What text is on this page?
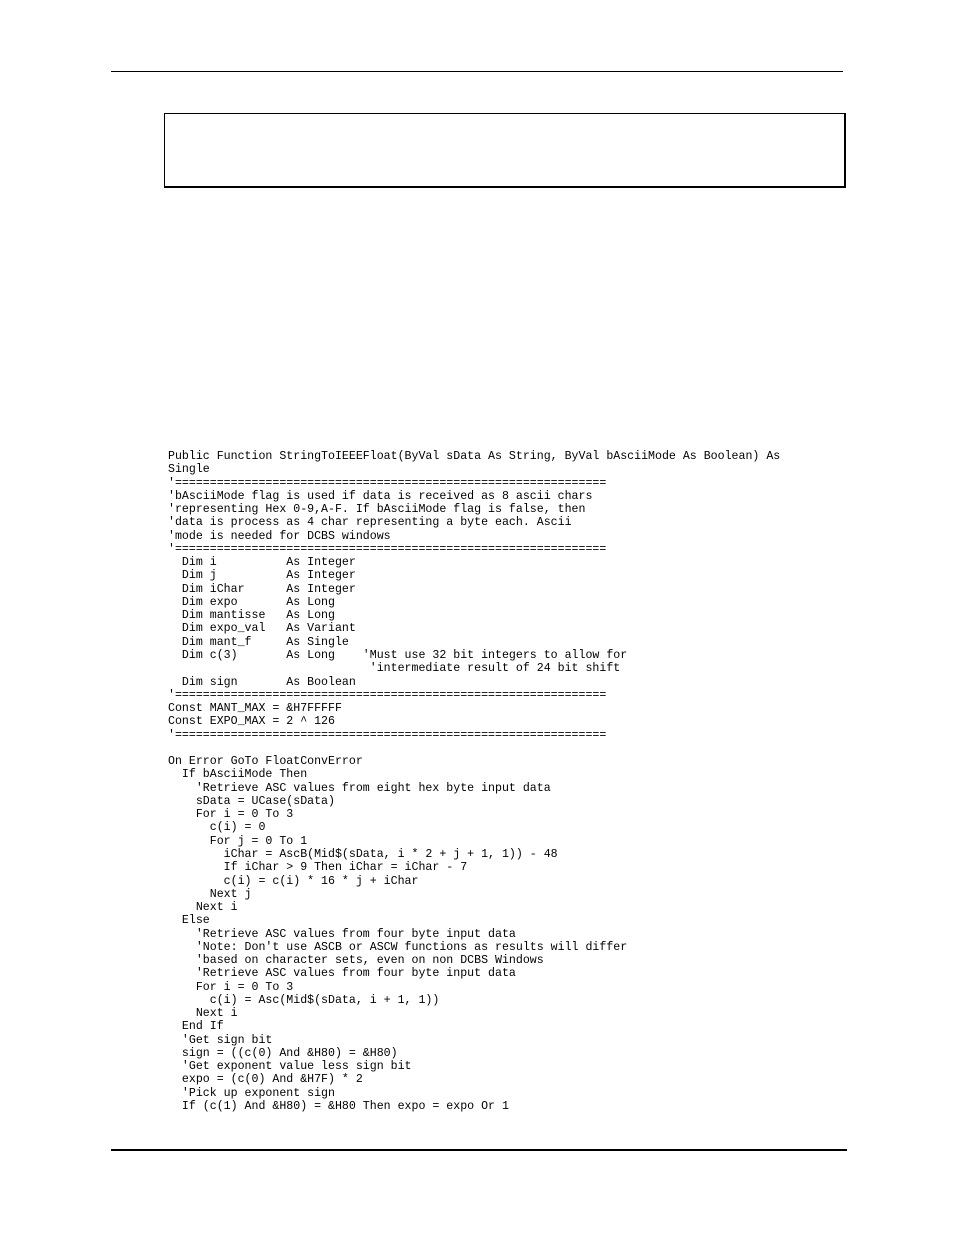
Public Function StringToIEEEFloat(ByVal sData As String, ByVal bAsciiMode As Boolean) As
Single
'==============================================================
'bAsciiMode flag is used if data is received as 8 ascii chars
'representing Hex 0-9,A-F. If bAsciiMode flag is false, then
'data is process as 4 char representing a byte each. Ascii
'mode is needed for DCBS windows
'==============================================================
Dim i          As Integer
Dim j          As Integer
Dim iChar      As Integer
Dim expo       As Long
Dim mantisse   As Long
Dim expo_val   As Variant
Dim mant_f     As Single
Dim c(3)       As Long    'Must use 32 bit integers to allow for
'intermediate result of 24 bit shift
Dim sign       As Boolean
'==============================================================
Const MANT_MAX = &H7FFFFF
Const EXPO_MAX = 2 ^ 126
'==============================================================
On Error GoTo FloatConvError
If bAsciiMode Then
'Retrieve ASC values from eight hex byte input data
sData = UCase(sData)
For i = 0 To 3
c(i) = 0
For j = 0 To 1
iChar = AscB(Mid$(sData, i * 2 + j + 1, 1)) - 48
If iChar > 9 Then iChar = iChar - 7
c(i) = c(i) * 16 * j + iChar
Next j
Next i
Else
'Retrieve ASC values from four byte input data
'Note: Don't use ASCB or ASCW functions as results will differ
'based on character sets, even on non DCBS Windows
'Retrieve ASC values from four byte input data
For i = 0 To 3
c(i) = Asc(Mid$(sData, i + 1, 1))
Next i
End If
'Get sign bit
sign = ((c(0) And &H80) = &H80)
'Get exponent value less sign bit
expo = (c(0) And &H7F) * 2
'Pick up exponent sign
If (c(1) And &H80) = &H80 Then expo = expo Or 1
